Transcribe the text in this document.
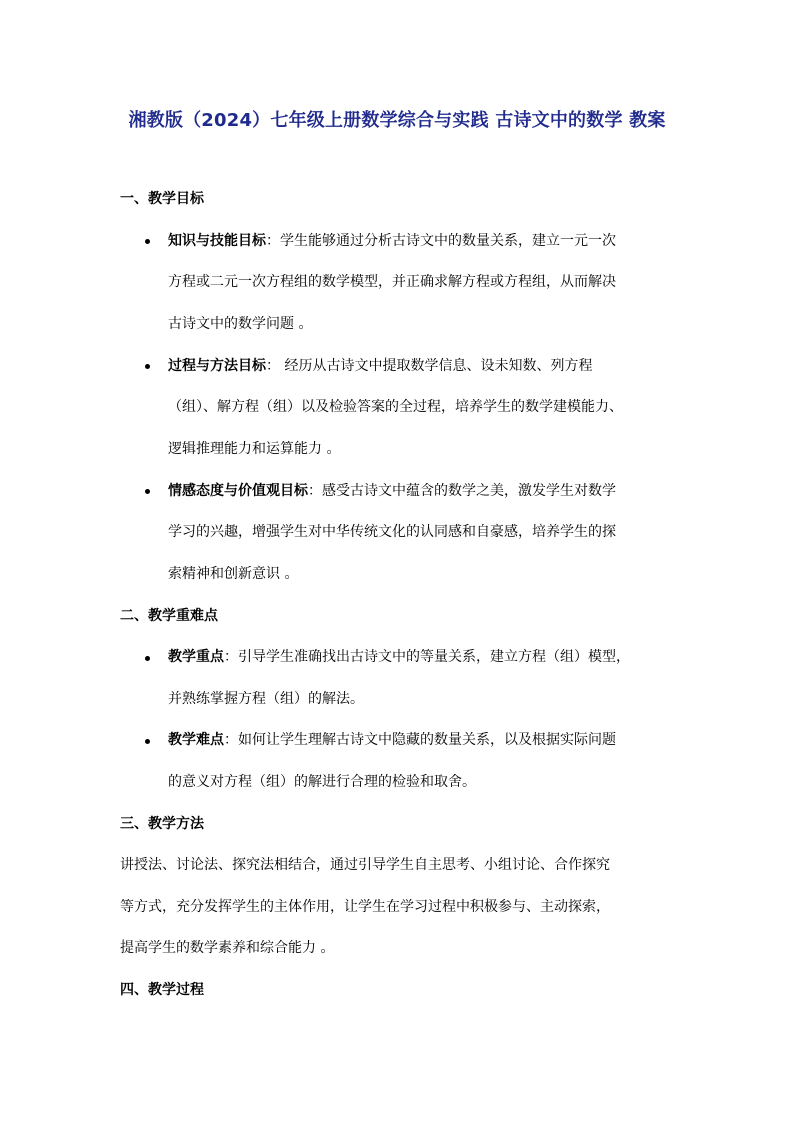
湘教版（2024）七年级上册数学综合与实践 古诗文中的数学 教案
一、教学目标
知识与技能目标：学生能够通过分析古诗文中的数量关系，建立一元一次
方程或二元一次方程组的数学模型，并正确求解方程或方程组，从而解决
古诗文中的数学问题 。
过程与方法目标： 经历从古诗文中提取数学信息、设未知数、列方程
（组）、解方程（组）以及检验答案的全过程，培养学生的数学建模能力、
逻辑推理能力和运算能力 。
情感态度与价值观目标：感受古诗文中蕴含的数学之美，激发学生对数学
学习的兴趣，增强学生对中华传统文化的认同感和自豪感，培养学生的探
索精神和创新意识 。
二、教学重难点
教学重点：引导学生准确找出古诗文中的等量关系，建立方程（组）模型，
并熟练掌握方程（组）的解法。
教学难点：如何让学生理解古诗文中隐藏的数量关系，以及根据实际问题
的意义对方程（组）的解进行合理的检验和取舍。
三、教学方法
讲授法、讨论法、探究法相结合，通过引导学生自主思考、小组讨论、合作探究
等方式，充分发挥学生的主体作用，让学生在学习过程中积极参与、主动探索，
提高学生的数学素养和综合能力 。
四、教学过程
